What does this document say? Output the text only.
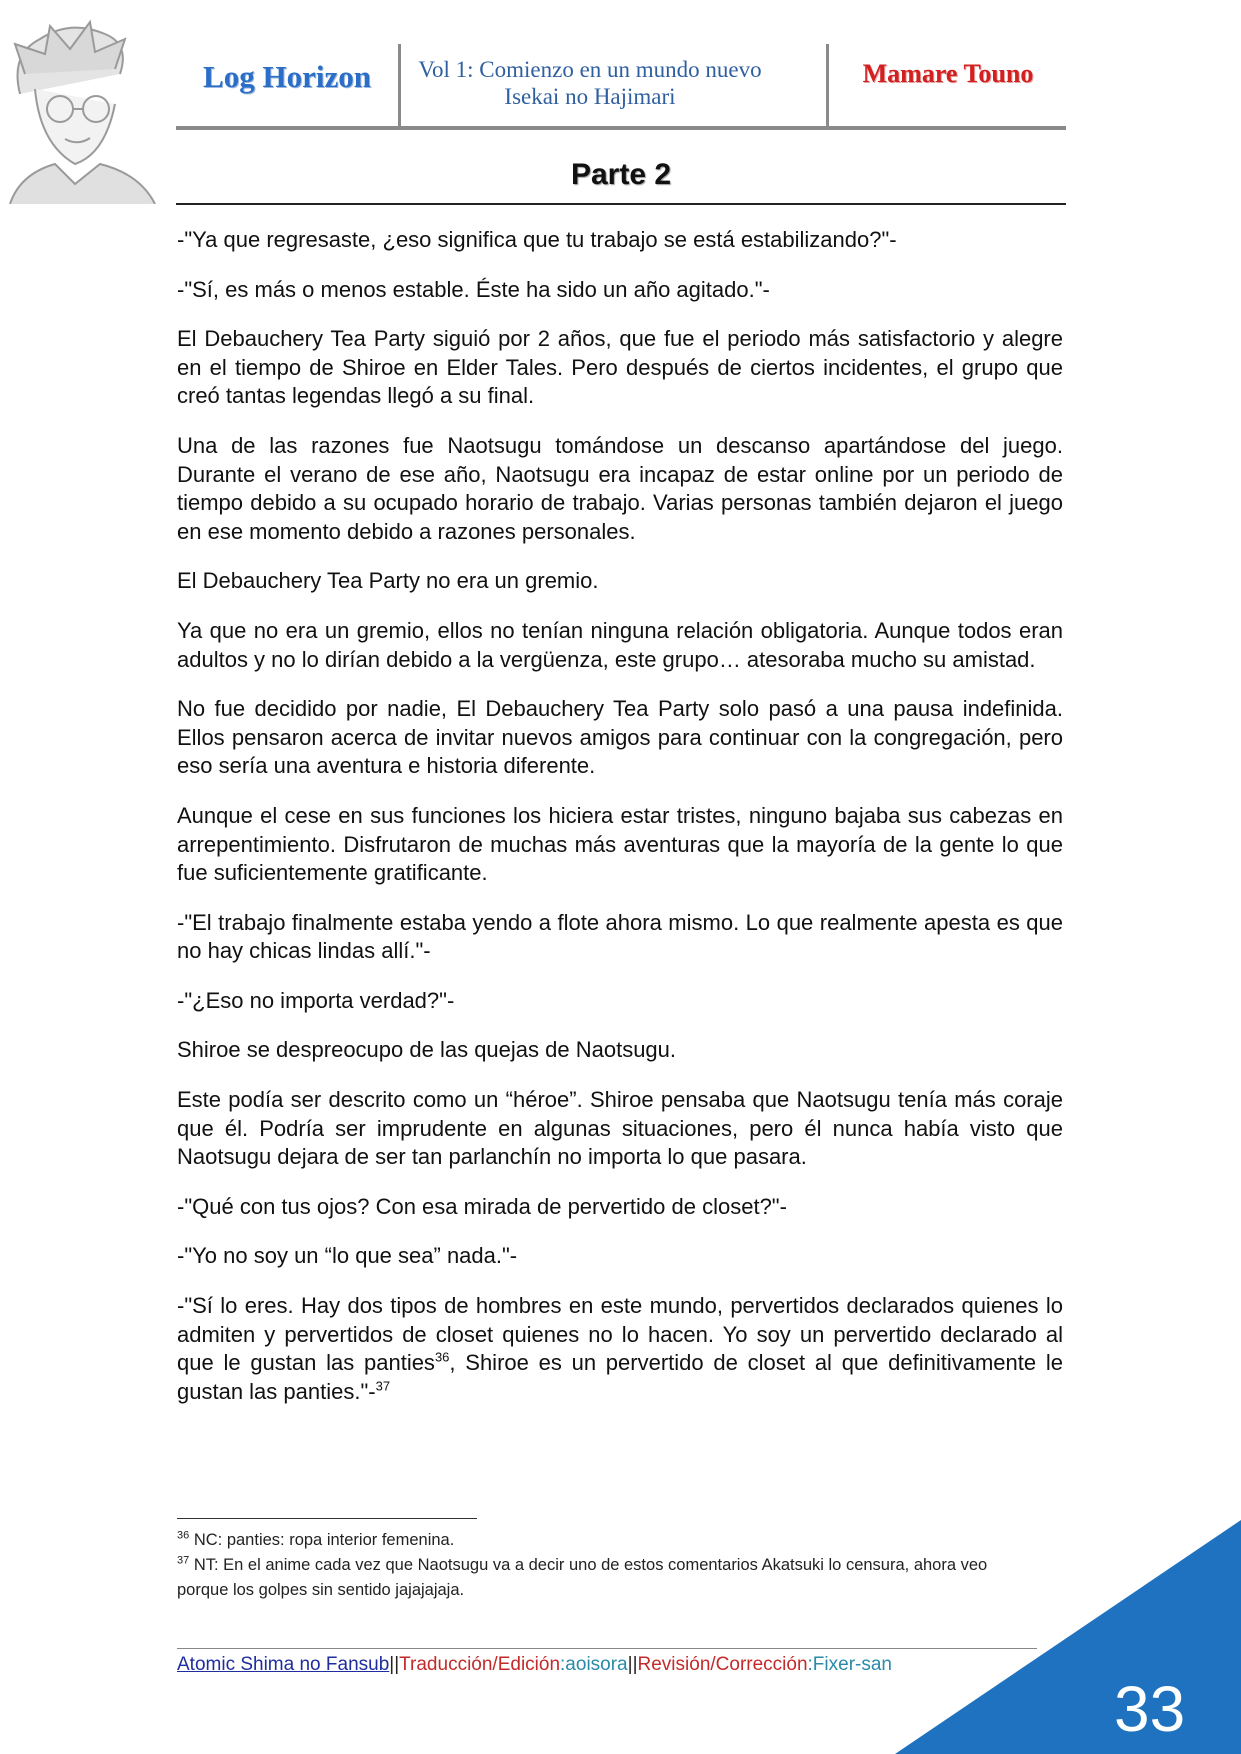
Log Horizon Vol 1: Comienzo en un mundo nuevo
Isekai no Hajimari
Mamare Touno
Parte 2

-"Ya que regresaste, ¿eso significa que tu trabajo se está estabilizando?"-

-"Sí, es más o menos estable. Éste ha sido un año agitado."-

El Debauchery Tea Party siguió por 2 años, que fue el periodo más satisfactorio y alegre en el tiempo de Shiroe en Elder Tales. Pero después de ciertos incidentes, el grupo que creó tantas legendas llegó a su final.

Una de las razones fue Naotsugu tomándose un descanso apartándose del juego. Durante el verano de ese año, Naotsugu era incapaz de estar online por un periodo de tiempo debido a su ocupado horario de trabajo. Varias personas también dejaron el juego en ese momento debido a razones personales.

El Debauchery Tea Party no era un gremio.

Ya que no era un gremio, ellos no tenían ninguna relación obligatoria. Aunque todos eran adultos y no lo dirían debido a la vergüenza, este grupo… atesoraba mucho su amistad.

No fue decidido por nadie, El Debauchery Tea Party solo pasó a una pausa indefinida. Ellos pensaron acerca de invitar nuevos amigos para continuar con la congregación, pero eso sería una aventura e historia diferente.

Aunque el cese en sus funciones los hiciera estar tristes, ninguno bajaba sus cabezas en arrepentimiento. Disfrutaron de muchas más aventuras que la mayoría de la gente lo que fue suficientemente gratificante.

-"El trabajo finalmente estaba yendo a flote ahora mismo. Lo que realmente apesta es que no hay chicas lindas allí."-

-"¿Eso no importa verdad?"-

Shiroe se despreocupo de las quejas de Naotsugu.

Este podía ser descrito como un “héroe”. Shiroe pensaba que Naotsugu tenía más coraje que él. Podría ser imprudente en algunas situaciones, pero él nunca había visto que Naotsugu dejara de ser tan parlanchín no importa lo que pasara.

-"Qué con tus ojos? Con esa mirada de pervertido de closet?"-

-"Yo no soy un “lo que sea” nada."-

-"Sí lo eres. Hay dos tipos de hombres en este mundo, pervertidos declarados quienes lo admiten y pervertidos de closet quienes no lo hacen. Yo soy un pervertido declarado al que le gustan las panties$^{36}$, Shiroe es un pervertido de closet al que definitivamente le gustan las panties."-$^{37}$

$^{36}$ NC: panties: ropa interior femenina.

$^{37}$ NT: En el anime cada vez que Naotsugu va a decir uno de estos comentarios Akatsuki lo censura, ahora veo porque los golpes sin sentido jajajajaja.

Atomic Shima no Fansub||Traducción/Edición:aoisora||Revisión/Corrección:Fixer-san
33
